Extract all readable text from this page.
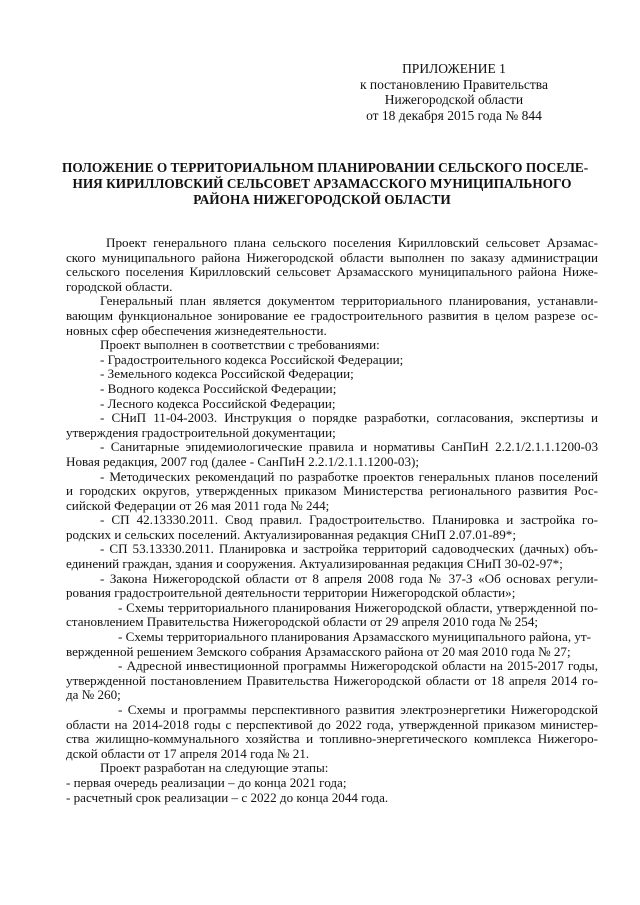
ПРИЛОЖЕНИЕ 1
к постановлению Правительства
Нижегородской области
от 18 декабря 2015 года № 844
ПОЛОЖЕНИЕ О ТЕРРИТОРИАЛЬНОМ ПЛАНИРОВАНИИ СЕЛЬСКОГО ПОСЕЛЕ-
НИЯ КИРИЛЛОВСКИЙ СЕЛЬСОВЕТ АРЗАМАССКОГО МУНИЦИПАЛЬНОГО
РАЙОНА НИЖЕГОРОДСКОЙ ОБЛАСТИ
Проект генерального плана сельского поселения Кирилловский сельсовет Арзамас-
ского муниципального района Нижегородской области выполнен по заказу администрации
сельского поселения Кирилловский сельсовет Арзамасского муниципального района Ниже-
городской области.
Генеральный план является документом территориального планирования, устанавли-
вающим функциональное зонирование ее градостроительного развития в целом разрезе ос-
новных сфер обеспечения жизнедеятельности.
Проект выполнен в соответствии с требованиями:
- Градостроительного кодекса Российской Федерации;
- Земельного кодекса Российской Федерации;
- Водного кодекса Российской Федерации;
- Лесного кодекса Российской Федерации;
- СНиП 11-04-2003. Инструкция о порядке разработки, согласования, экспертизы и
утверждения градостроительной документации;
- Санитарные эпидемиологические правила и нормативы СанПиН 2.2.1/2.1.1.1200-03
Новая редакция, 2007 год (далее - СанПиН 2.2.1/2.1.1.1200-03);
- Методических рекомендаций по разработке проектов генеральных планов поселений
и городских округов, утвержденных приказом Министерства регионального развития Рос-
сийской Федерации от 26 мая 2011 года № 244;
- СП 42.13330.2011. Свод правил. Градостроительство. Планировка и застройка го-
родских и сельских поселений. Актуализированная редакция СНиП 2.07.01-89*;
- СП 53.13330.2011. Планировка и застройка территорий садоводческих (дачных) объ-
единений граждан, здания и сооружения. Актуализированная редакция СНиП 30-02-97*;
- Закона Нижегородской области от 8 апреля 2008 года № 37-З «Об основах регули-
рования градостроительной деятельности территории Нижегородской области»;
- Схемы территориального планирования Нижегородской области, утвержденной по-
становлением Правительства Нижегородской области от 29 апреля 2010 года № 254;
- Схемы территориального планирования Арзамасского муниципального района, ут-
вержденной решением Земского собрания Арзамасского района от 20 мая 2010 года № 27;
- Адресной инвестиционной программы Нижегородской области на 2015-2017 годы,
утвержденной постановлением Правительства Нижегородской области от 18 апреля 2014 го-
да № 260;
- Схемы и программы перспективного развития электроэнергетики Нижегородской
области на 2014-2018 годы с перспективой до 2022 года, утвержденной приказом министер-
ства жилищно-коммунального хозяйства и топливно-энергетического комплекса Нижегоро-
дской области от 17 апреля 2014 года № 21.
Проект разработан на следующие этапы:
- первая очередь реализации – до конца 2021 года;
- расчетный срок реализации – с 2022 до конца 2044 года.
